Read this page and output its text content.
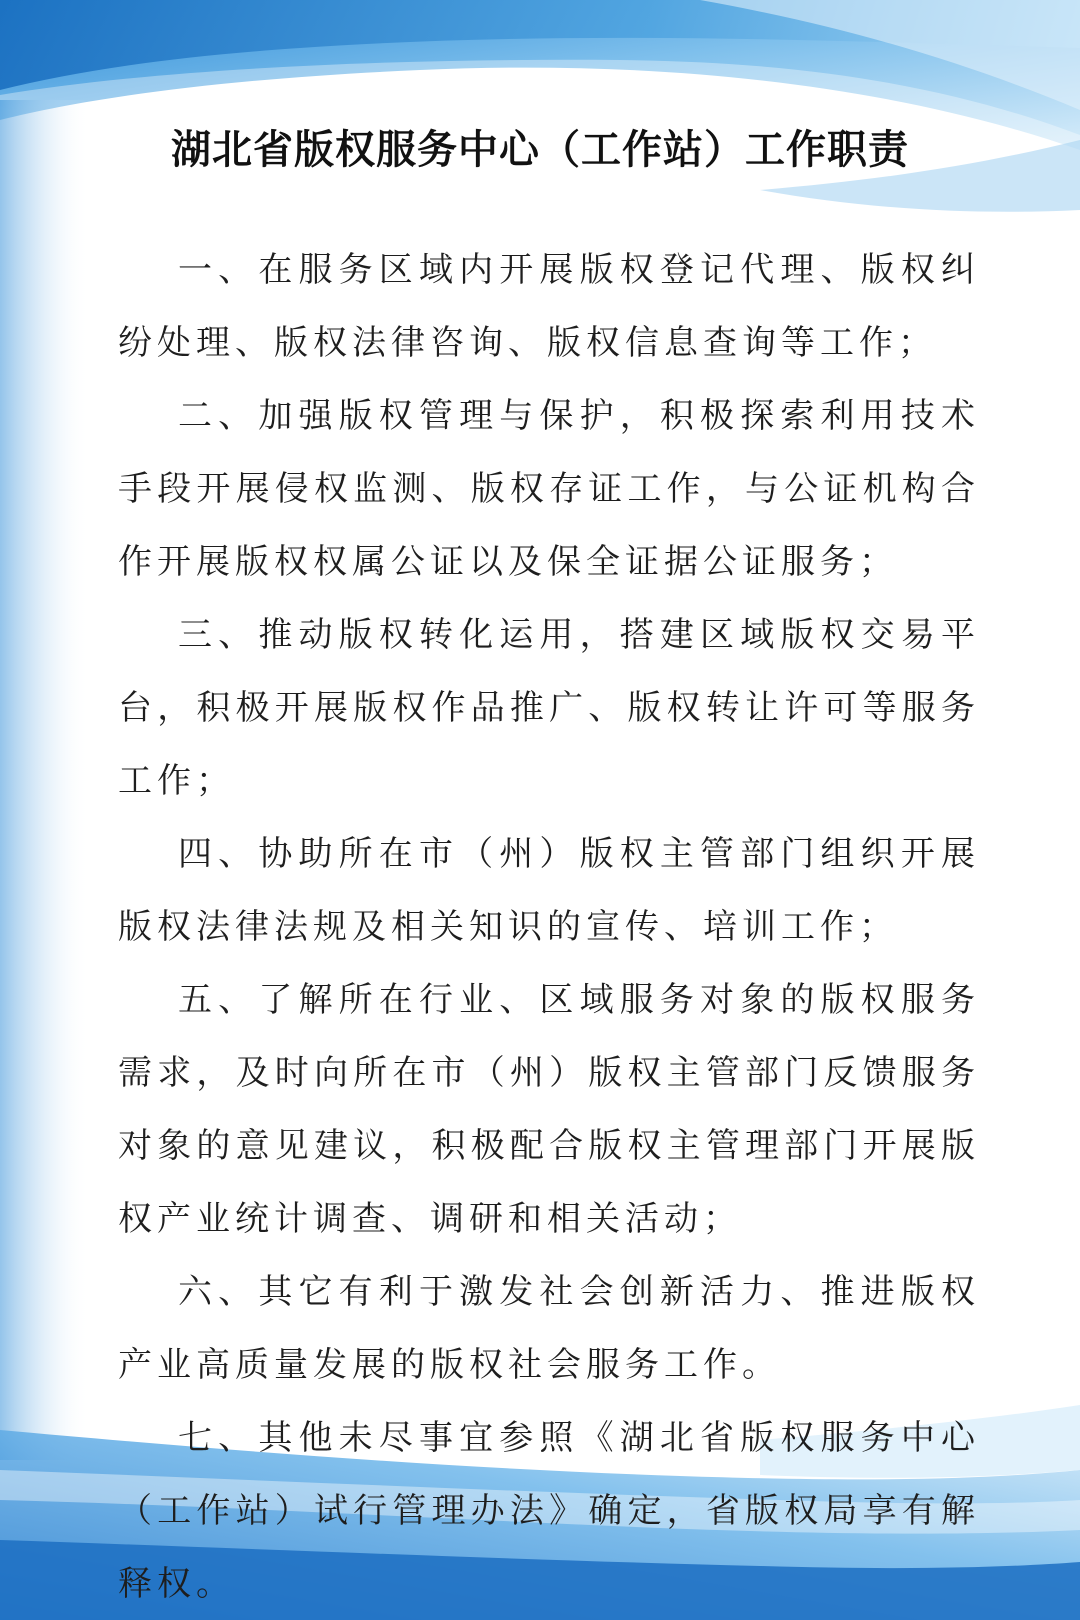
湖北省版权服务中心（工作站）工作职责

一、在服务区域内开展版权登记代理、版权纠纷处理、版权法律咨询、版权信息查询等工作；

二、加强版权管理与保护，积极探索利用技术手段开展侵权监测、版权存证工作，与公证机构合作开展版权权属公证以及保全证据公证服务；

三、推动版权转化运用，搭建区域版权交易平台，积极开展版权作品推广、版权转让许可等服务工作；

四、协助所在市（州）版权主管部门组织开展版权法律法规及相关知识的宣传、培训工作；

五、了解所在行业、区域服务对象的版权服务需求，及时向所在市（州）版权主管部门反馈服务对象的意见建议，积极配合版权主管理部门开展版权产业统计调查、调研和相关活动；

六、其它有利于激发社会创新活力、推进版权产业高质量发展的版权社会服务工作。

七、其他未尽事宜参照《湖北省版权服务中心（工作站）试行管理办法》确定，省版权局享有解释权。
